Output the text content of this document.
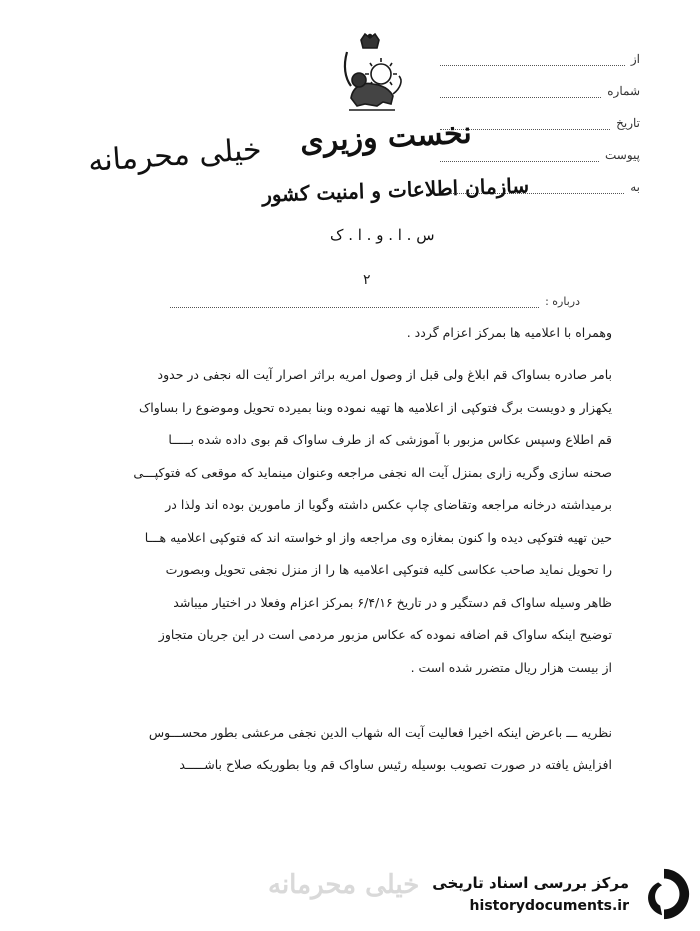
از
شماره
تاریخ
پیوست
به
نخست وزیری
خیلی محرمانه
سازمان اطلاعات و امنیت کشور
س . ا . و . ا . ک
۲
درباره :
وهمراه با اعلامیه ها بمرکز اعزام گردد .
بامر صادره بساواک قم ابلاغ ولی قبل از وصول امریه براثر اصرار آیت اله نجفی در حدود
یکهزار و دویست برگ فتوکپی از اعلامیه ها تهیه نموده وبنا بمیرده تحویل وموضوع را بساواک
قم اطلاع وسپس عکاس مزبور با آموزشی که از طرف ساواک قم بوی داده شده بـــــا
صحنه سازی وگریه زاری بمنزل آیت اله نجفی مراجعه وعنوان مینماید که موقعی که فتوکپـــی
برمیداشته درخانه مراجعه وتقاضای چاپ عکس داشته وگویا از مامورین بوده اند ولذا در
حین تهیه فتوکپی دیده وا کنون بمغازه وی مراجعه واز او خواسته اند که فتوکپی اعلامیه هـــا
را تحویل نماید صاحب عکاسی کلیه فتوکپی اعلامیه ها را از منزل نجفی تحویل وبصورت
ظاهر وسیله ساواک قم دستگیر و در تاریخ ۶/۴/۱۶ بمرکز اعزام وفعلا در اختیار میباشد
توضیح اینکه ساواک قم اضافه نموده که عکاس مزبور مردمی است در این جریان متجاوز
از بیست هزار ریال متضرر شده است .
نظریه ـــ باعرض اینکه اخیرا فعالیت آیت اله شهاب الدین نجفی مرعشی بطور محســـوس
افزایش یافته در صورت تصویب بوسیله رئیس ساواک قم ویا بطوریکه صلاح باشـــــد
خیلی محرمانه مرکز بررسی اسناد تاریخی
historydocuments.ir
